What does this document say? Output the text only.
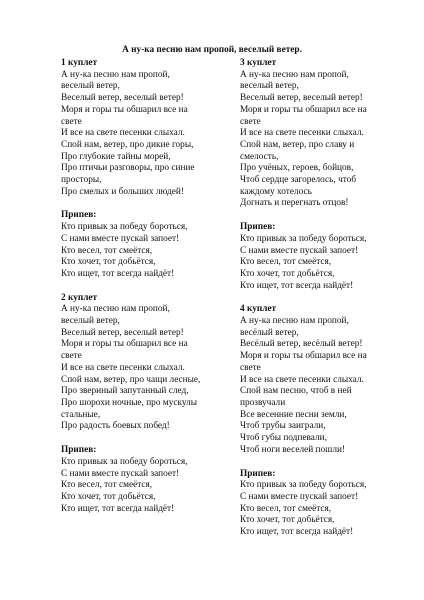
А ну-ка песню нам пропой, веселый ветер.
1 куплет
А ну-ка песню нам пропой,
веселый ветер,
Веселый ветер, веселый ветер!
Моря и горы ты обшарил все на
свете
И все на свете песенки слыхал.
Спой нам, ветер, про дикие горы,
Про глубокие тайны морей,
Про птичьи разговоры, про синие
просторы,
Про смелых и больших людей!
Припев:
Кто привык за победу бороться,
С нами вместе пускай запоет!
Кто весел, тот смеётся,
Кто хочет, тот добьётся,
Кто ищет, тот всегда найдёт!
2 куплет
А ну-ка песню нам пропой,
веселый ветер,
Веселый ветер, веселый ветер!
Моря и горы ты обшарил все на
свете
И все на свете песенки слыхал.
Спой нам, ветер, про чащи лесные,
Про звериный запутанный след,
Про шорохи ночные, про мускулы
стальные,
Про радость боевых побед!
Припев:
Кто привык за победу бороться,
С нами вместе пускай запоет!
Кто весел, тот смеётся,
Кто хочет, тот добьётся,
Кто ищет, тот всегда найдёт!
3 куплет
А ну-ка песню нам пропой,
веселый ветер,
Веселый ветер, веселый ветер!
Моря и горы ты обшарил все на
свете
И все на свете песенки слыхал.
Спой нам, ветер, про славу и
смелость,
Про учёных, героев, бойцов,
Чтоб сердце загорелось, чтоб
каждому хотелось
Догнать и перегнать отцов!
Припев:
Кто привык за победу бороться,
С нами вместе пускай запоет!
Кто весел, тот смеётся,
Кто хочет, тот добьётся,
Кто ищет, тот всегда найдёт!
4 куплет
А ну-ка песню нам пропой,
весёлый ветер,
Весёлый ветер, весёлый ветер!
Моря и горы ты обшарил все на
свете
И все на свете песенки слыхал.
Спой нам песню, чтоб в ней
прозвучали
Все весенние песни земли,
Чтоб трубы заиграли,
Чтоб губы подпевали,
Чтоб ноги веселей пошли!
Припев:
Кто привык за победу бороться,
С нами вместе пускай запоет!
Кто весел, тот смеётся,
Кто хочет, тот добьётся,
Кто ищет, тот всегда найдёт!
